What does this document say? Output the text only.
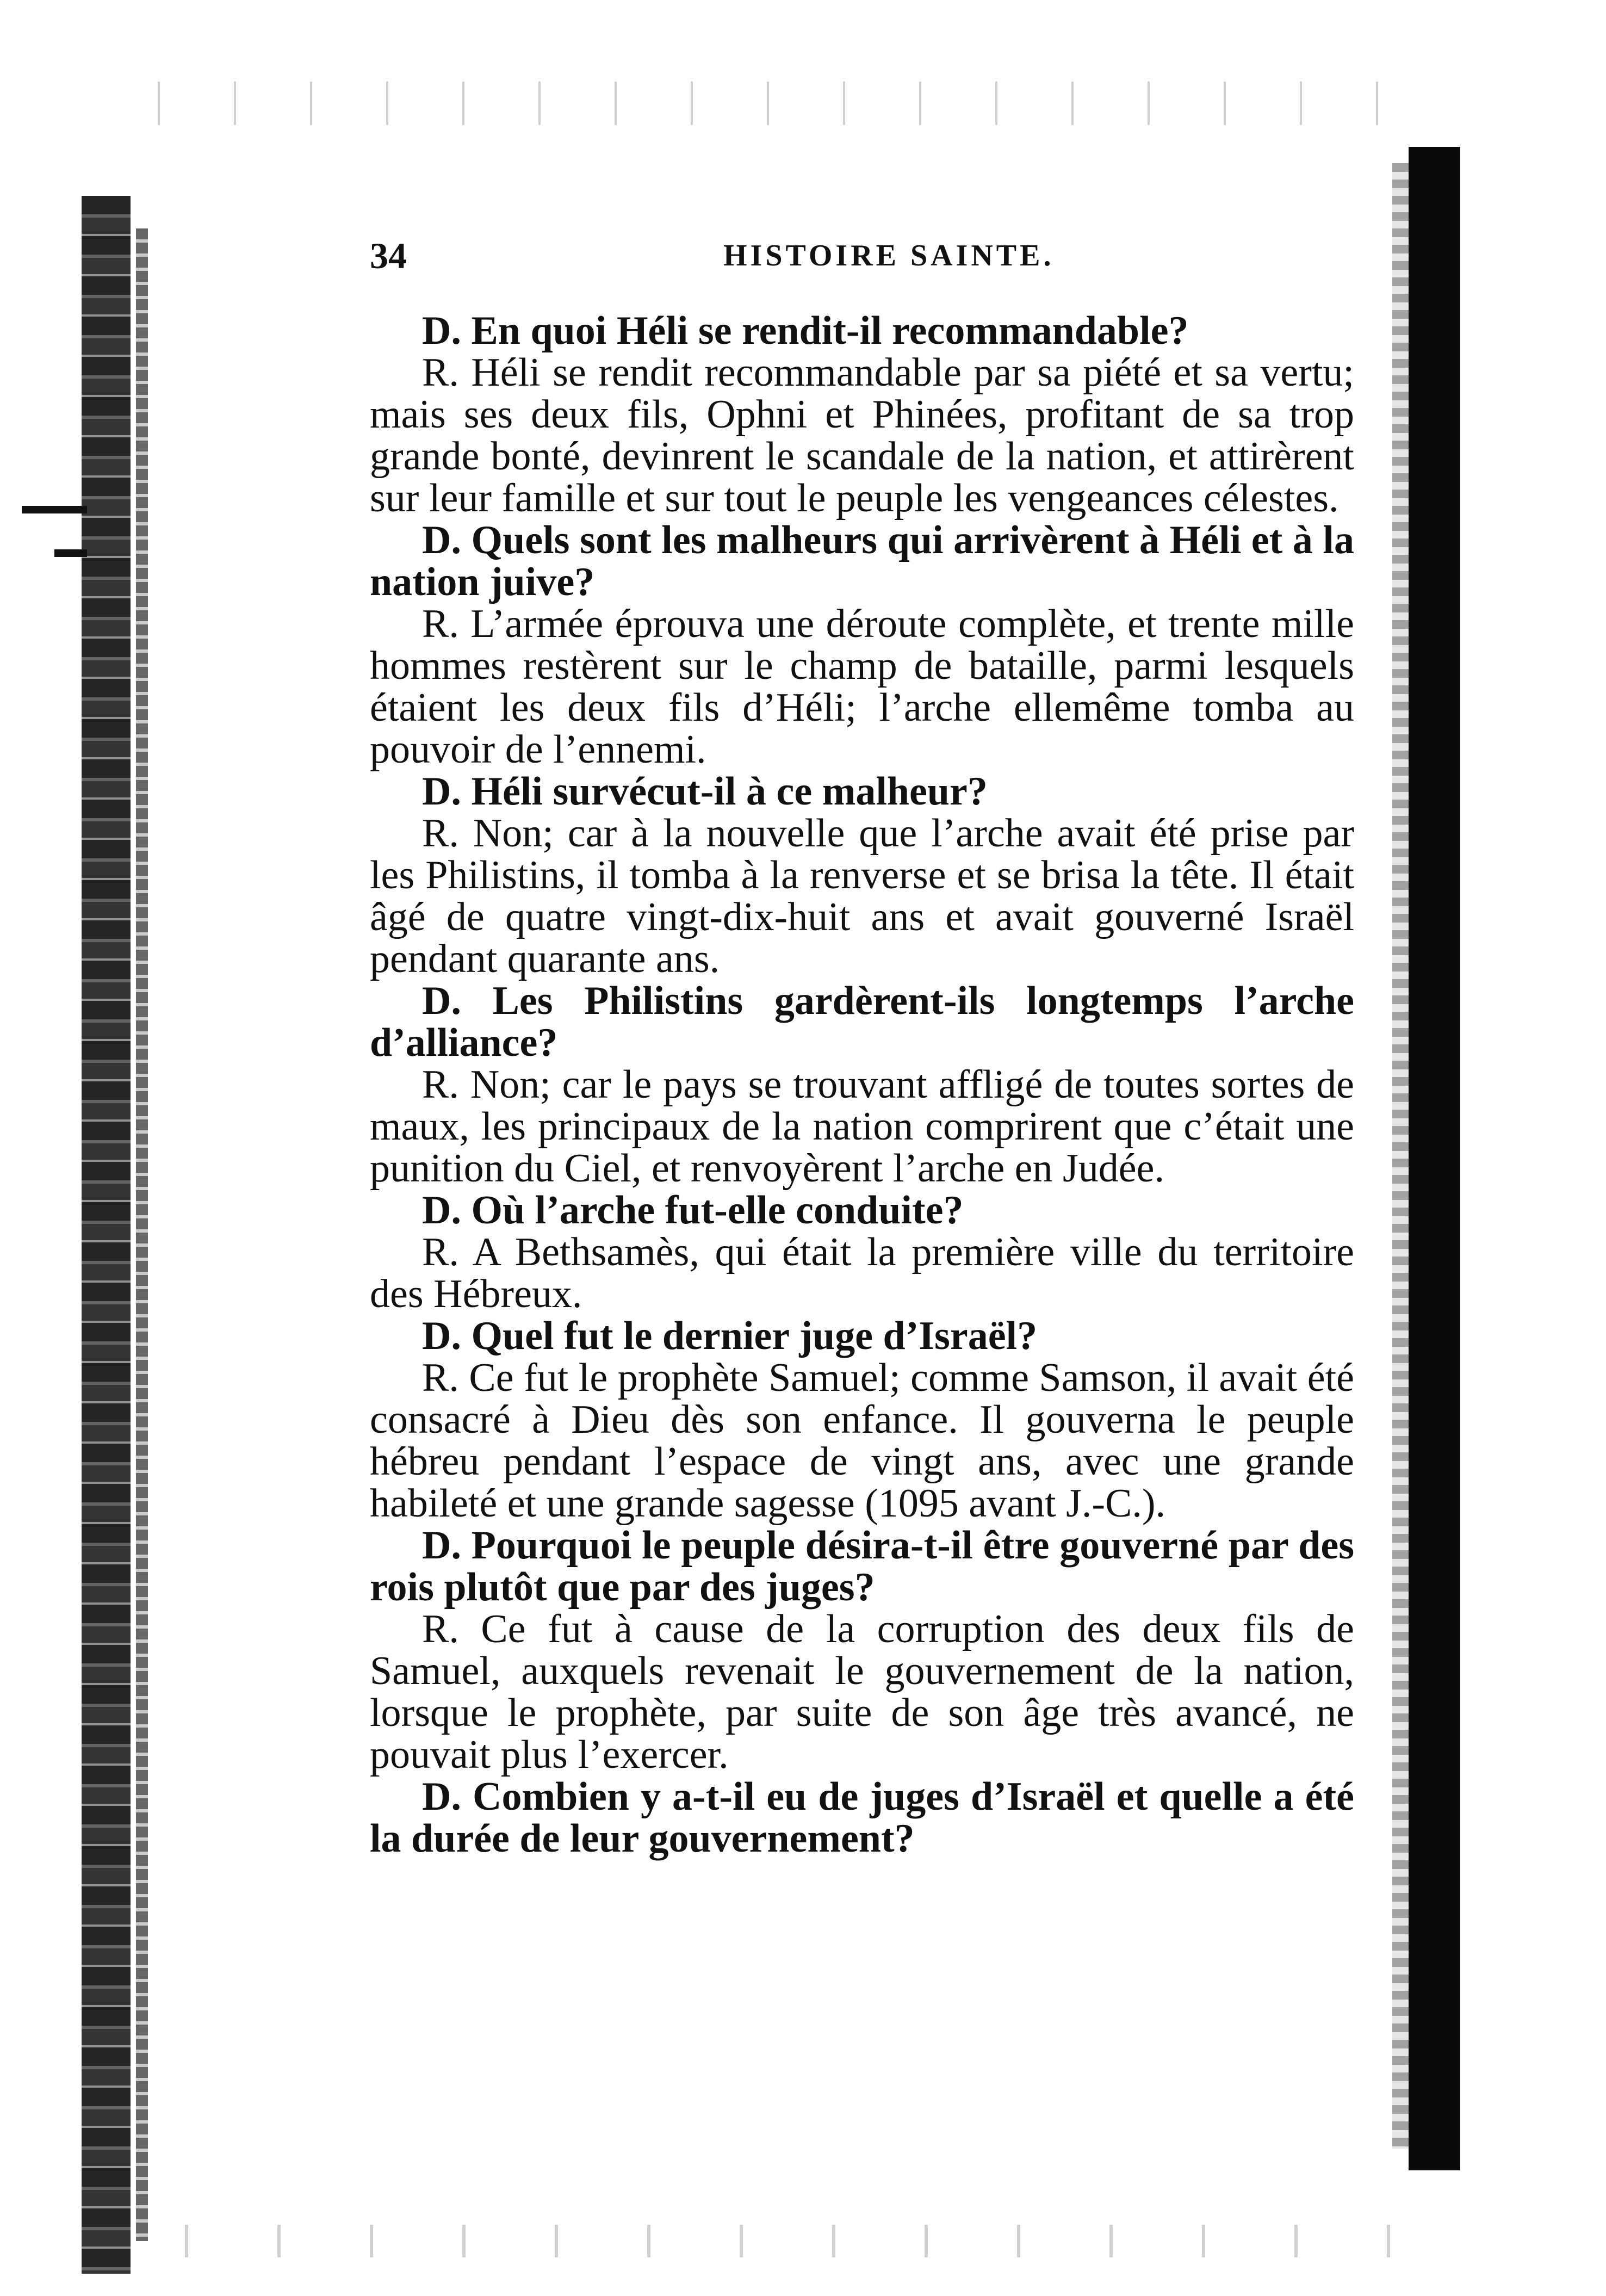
34	HISTOIRE SAINTE.

D. En quoi Héli se rendit-il recommandable?

R. Héli se rendit recommandable par sa piété et sa vertu; mais ses deux fils, Ophni et Phinées, profitant de sa trop grande bonté, devinrent le scandale de la nation, et attirèrent sur leur famille et sur tout le peuple les vengeances célestes.

D. Quels sont les malheurs qui arrivèrent à Héli et à la nation juive?

R. L’armée éprouva une déroute complète, et trente mille hommes restèrent sur le champ de bataille, parmi lesquels étaient les deux fils d’Héli; l’arche ellemême tomba au pouvoir de l’ennemi.

D. Héli survécut-il à ce malheur?

R. Non; car à la nouvelle que l’arche avait été prise par les Philistins, il tomba à la renverse et se brisa la tête. Il était âgé de quatre vingt-dix-huit ans et avait gouverné Israël pendant quarante ans.

D. Les Philistins gardèrent-ils longtemps l’arche d’alliance?

R. Non; car le pays se trouvant affligé de toutes sortes de maux, les principaux de la nation comprirent que c’était une punition du Ciel, et renvoyèrent l’arche en Judée.

D. Où l’arche fut-elle conduite?

R. A Bethsamès, qui était la première ville du territoire des Hébreux.

D. Quel fut le dernier juge d’Israël?

R. Ce fut le prophète Samuel; comme Samson, il avait été consacré à Dieu dès son enfance. Il gouverna le peuple hébreu pendant l’espace de vingt ans, avec une grande habileté et une grande sagesse (1095 avant J.-C.).

D. Pourquoi le peuple désira-t-il être gouverné par des rois plutôt que par des juges?

R. Ce fut à cause de la corruption des deux fils de Samuel, auxquels revenait le gouvernement de la nation, lorsque le prophète, par suite de son âge très avancé, ne pouvait plus l’exercer.

D. Combien y a-t-il eu de juges d’Israël et quelle a été la durée de leur gouvernement?
